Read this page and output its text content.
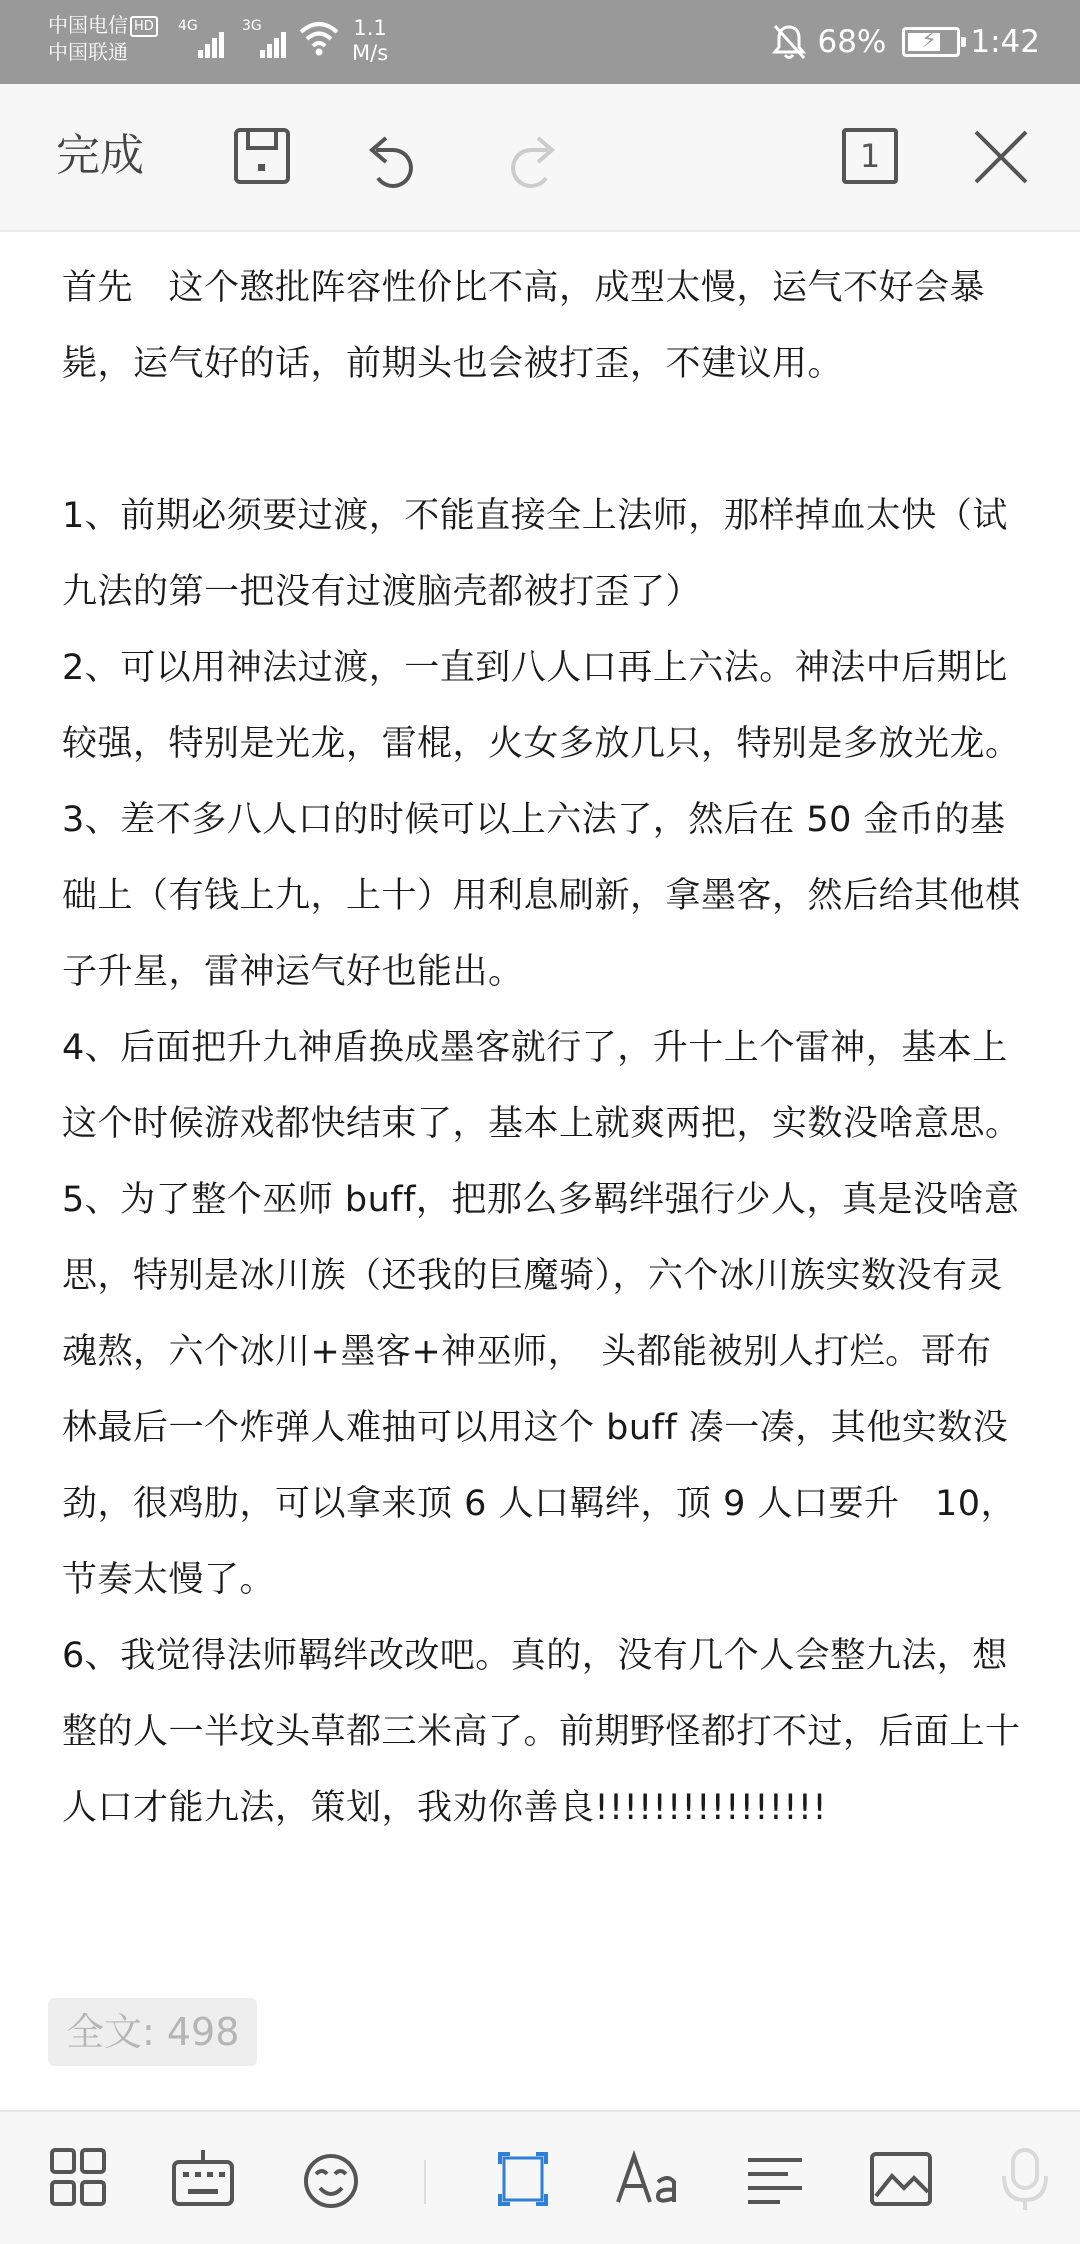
中国电信 HD
中国联通
4G	3G	1.1
M/s	68% ⚡ 1:42
完成	1

首先　这个憨批阵容性价比不高，成型太慢，运气不好会暴毙，运气好的话，前期头也会被打歪，不建议用。

1、前期必须要过渡，不能直接全上法师，那样掉血太快（试九法的第一把没有过渡脑壳都被打歪了）

2、可以用神法过渡，一直到八人口再上六法。神法中后期比较强，特别是光龙，雷棍，火女多放几只，特别是多放光龙。

3、差不多八人口的时候可以上六法了，然后在 50 金币的基础上（有钱上九，上十）用利息刷新，拿墨客，然后给其他棋子升星，雷神运气好也能出。

4、后面把升九神盾换成墨客就行了，升十上个雷神，基本上这个时候游戏都快结束了，基本上就爽两把，实数没啥意思。

5、为了整个巫师 buff，把那么多羁绊强行少人，真是没啥意思，特别是冰川族（还我的巨魔骑），六个冰川族实数没有灵魂熬，六个冰川+墨客+神巫师，　头都能被别人打烂。哥布林最后一个炸弹人难抽可以用这个 buff 凑一凑，其他实数没劲，很鸡肋，可以拿来顶 6 人口羁绊，顶 9 人口要升　10，节奏太慢了。

6、我觉得法师羁绊改改吧。真的，没有几个人会整九法，想整的人一半坟头草都三米高了。前期野怪都打不过，后面上十人口才能九法，策划，我劝你善良!!!!!!!!!!!!!!!!

全文: 498
